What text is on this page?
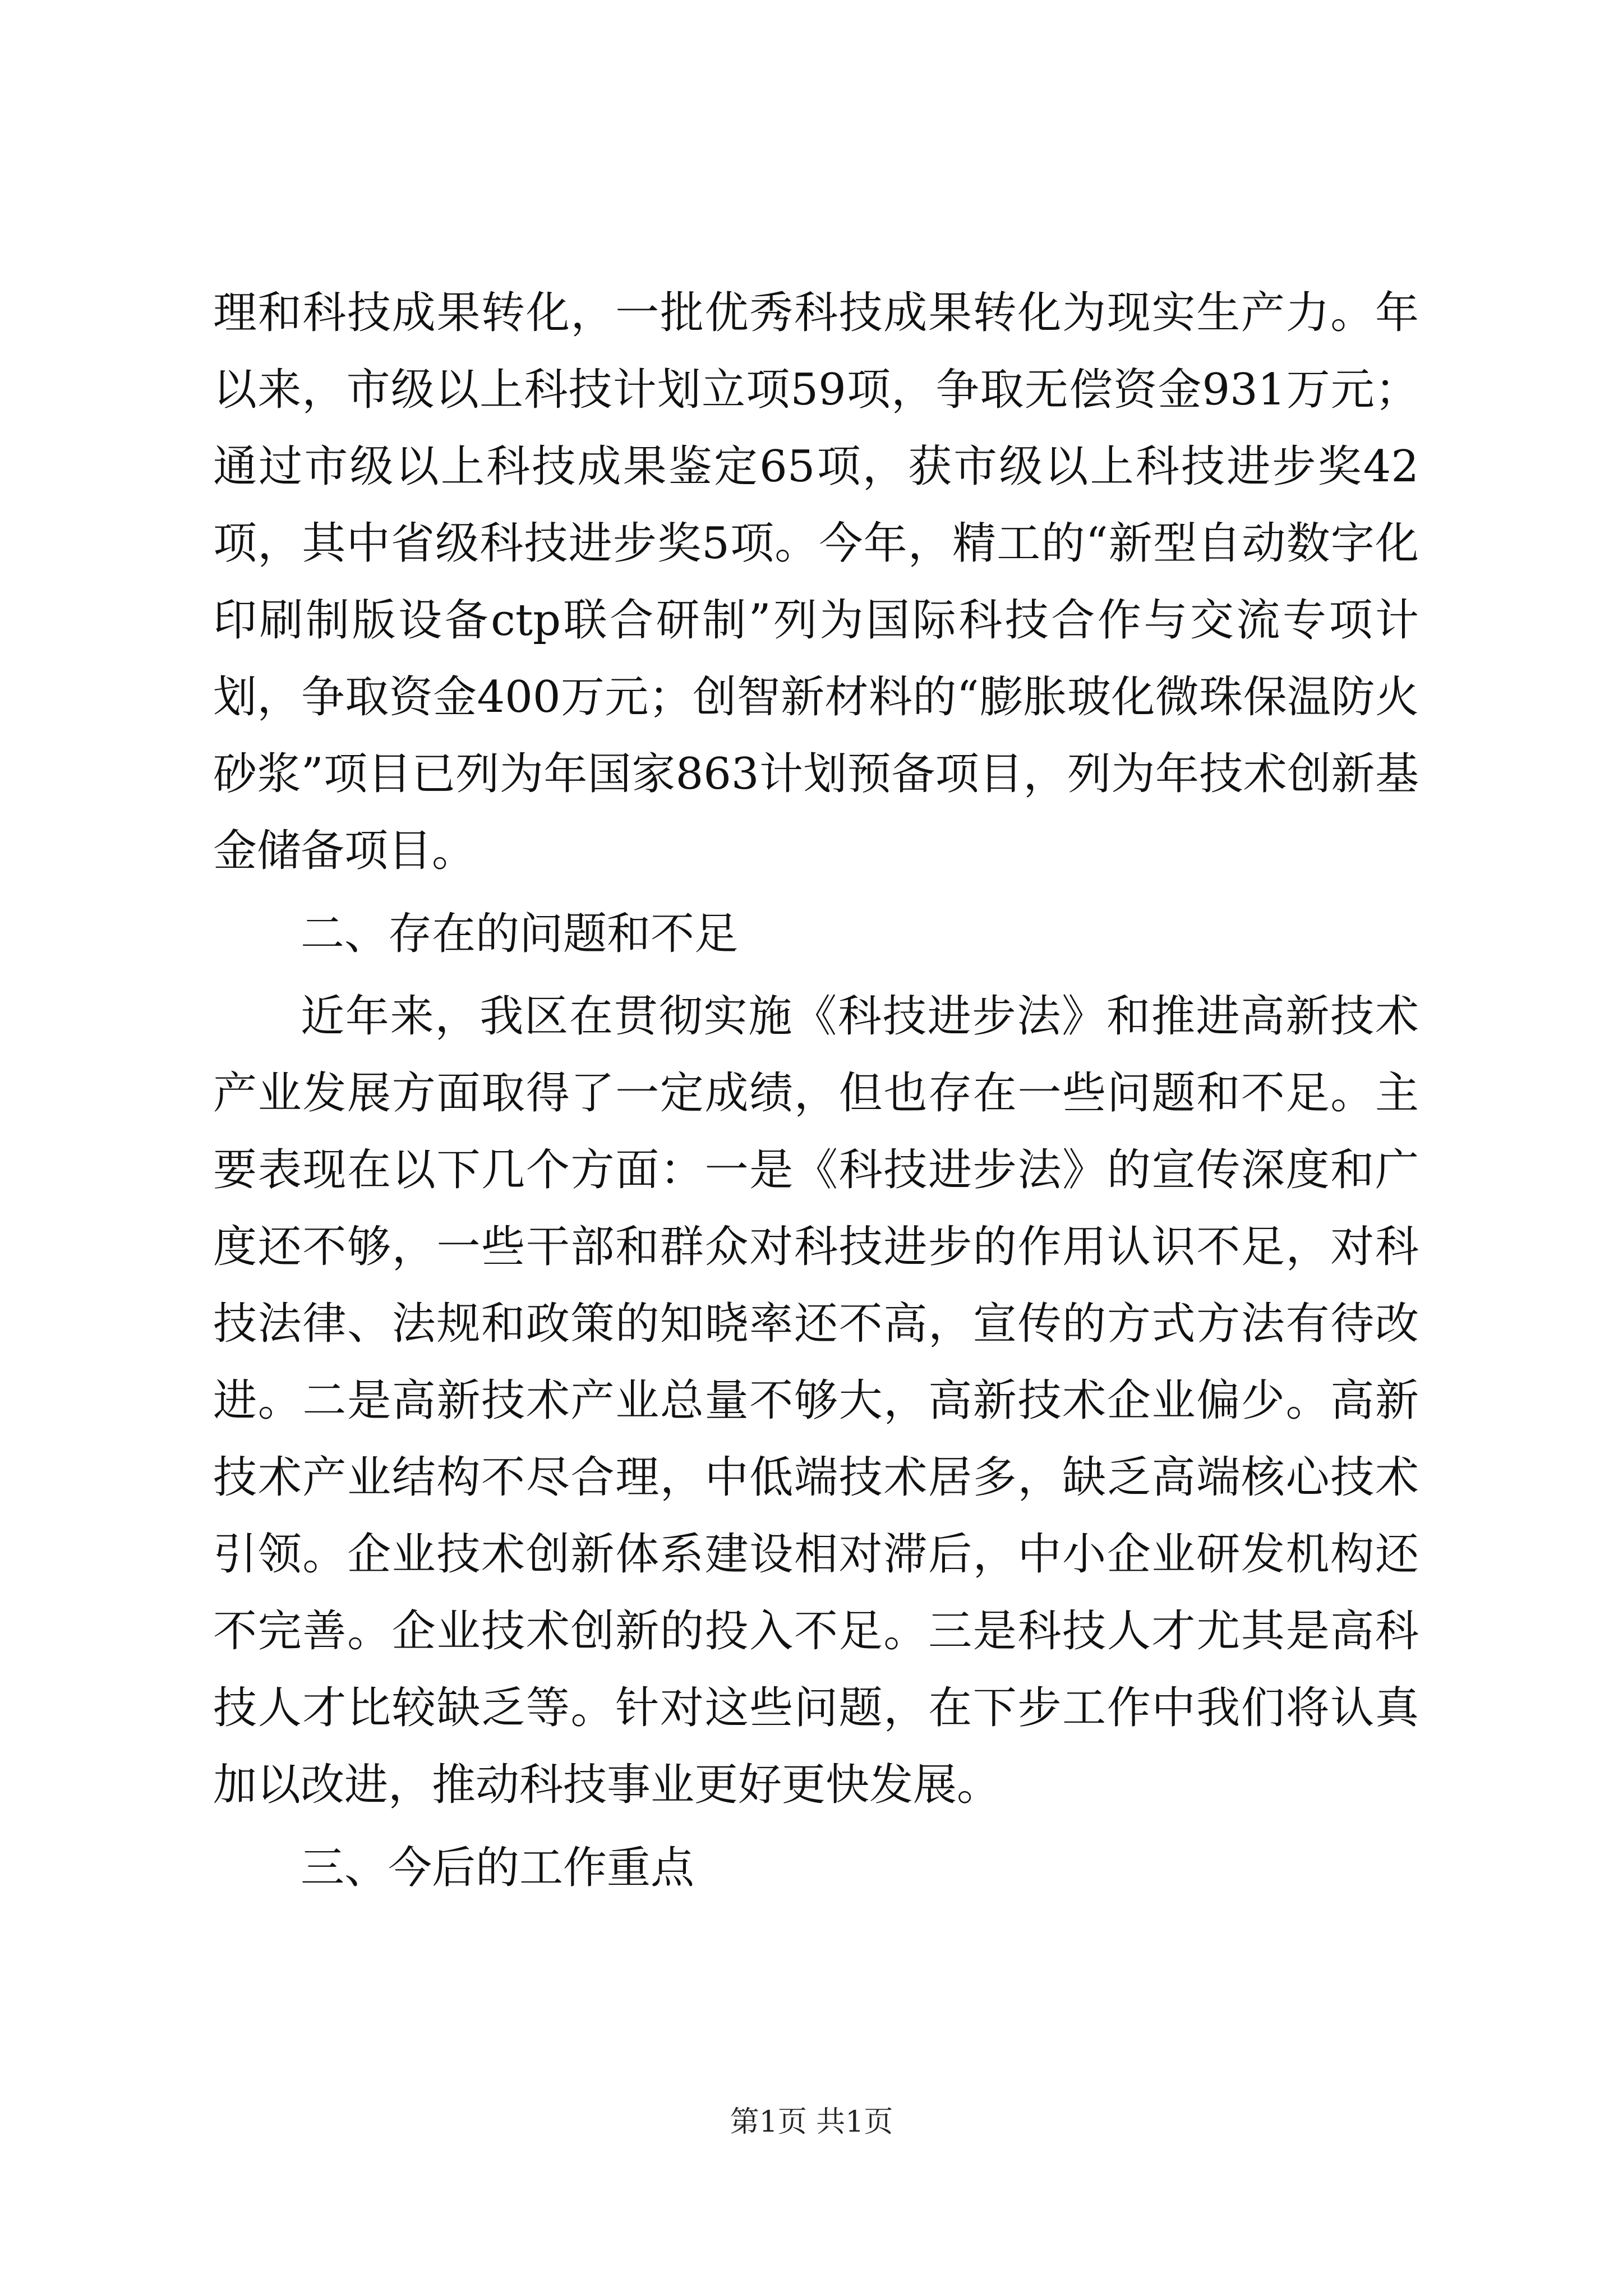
理和科技成果转化，一批优秀科技成果转化为现实生产力。年以来，市级以上科技计划立项59项，争取无偿资金931万元；通过市级以上科技成果鉴定65项，获市级以上科技进步奖42项，其中省级科技进步奖5项。今年，精工的“新型自动数字化印刷制版设备ctp联合研制”列为国际科技合作与交流专项计划，争取资金400万元；创智新材料的“膨胀玻化微珠保温防火砂浆”项目已列为年国家863计划预备项目，列为年技术创新基金储备项目。

二、存在的问题和不足

近年来，我区在贯彻实施《科技进步法》和推进高新技术产业发展方面取得了一定成绩，但也存在一些问题和不足。主要表现在以下几个方面：一是《科技进步法》的宣传深度和广度还不够，一些干部和群众对科技进步的作用认识不足，对科技法律、法规和政策的知晓率还不高，宣传的方式方法有待改进。二是高新技术产业总量不够大，高新技术企业偏少。高新技术产业结构不尽合理，中低端技术居多，缺乏高端核心技术引领。企业技术创新体系建设相对滞后，中小企业研发机构还不完善。企业技术创新的投入不足。三是科技人才尤其是高科技人才比较缺乏等。针对这些问题，在下步工作中我们将认真加以改进，推动科技事业更好更快发展。

三、今后的工作重点

第1页 共1页
